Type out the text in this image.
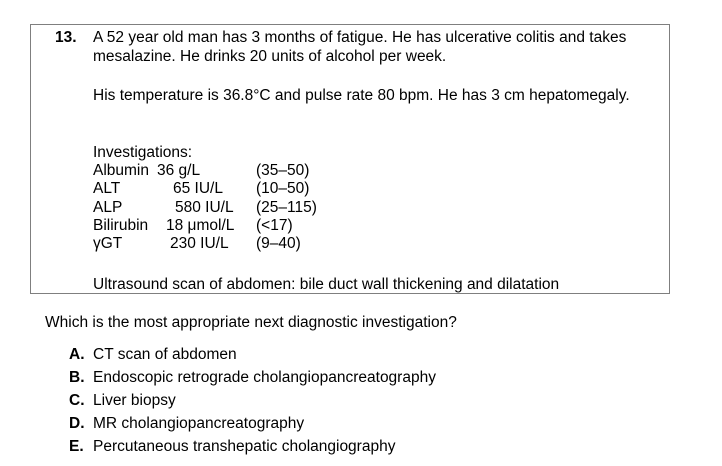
13. A 52 year old man has 3 months of fatigue. He has ulcerative colitis and takes mesalazine. He drinks 20 units of alcohol per week.

His temperature is 36.8°C and pulse rate 80 bpm. He has 3 cm hepatomegaly.

Investigations:

Albumin 36 g/L	(35–50)
ALT	65 IU/L (10–50)
ALP	580 IU/L (25–115)
Bilirubin 18 μmol/L (<17)
γGT	230 IU/L (9–40)

Ultrasound scan of abdomen: bile duct wall thickening and dilatation

Which is the most appropriate next diagnostic investigation?
A. CT scan of abdomen
B. Endoscopic retrograde cholangiopancreatography
C. Liver biopsy
D. MR cholangiopancreatography
E. Percutaneous transhepatic cholangiography
